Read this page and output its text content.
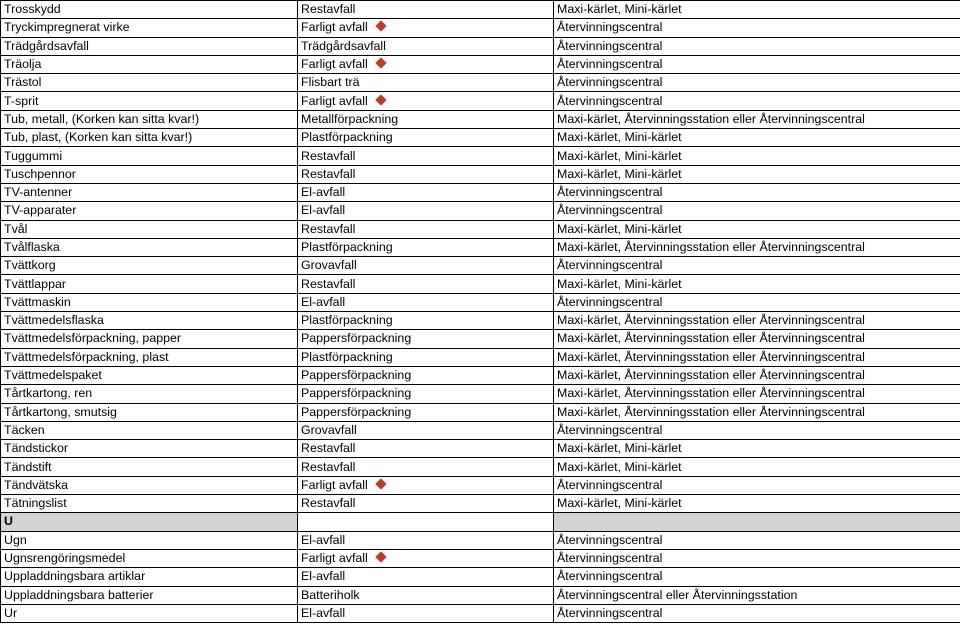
Trosskydd	Restavfall	Maxi-kärlet, Mini-kärlet
Tryckimpregnerat virke	Farligt avfall	Återvinningscentral
Trädgårdsavfall	Trädgårdsavfall	Återvinningscentral
Träolja	Farligt avfall	Återvinningscentral
Trästol	Flisbart trä	Återvinningscentral
T-sprit	Farligt avfall	Återvinningscentral
Tub, metall, (Korken kan sitta kvar!)	Metallförpackning	Maxi-kärlet, Återvinningsstation eller Återvinningscentral
Tub, plast, (Korken kan sitta kvar!)	Plastförpackning	Maxi-kärlet, Mini-kärlet
Tuggummi	Restavfall	Maxi-kärlet, Mini-kärlet
Tuschpennor	Restavfall	Maxi-kärlet, Mini-kärlet
TV-antenner	El-avfall	Återvinningscentral
TV-apparater	El-avfall	Återvinningscentral
Tvål	Restavfall	Maxi-kärlet, Mini-kärlet
Tvålflaska	Plastförpackning	Maxi-kärlet, Återvinningsstation eller Återvinningscentral
Tvättkorg	Grovavfall	Återvinningscentral
Tvättlappar	Restavfall	Maxi-kärlet, Mini-kärlet
Tvättmaskin	El-avfall	Återvinningscentral
Tvättmedelsflaska	Plastförpackning	Maxi-kärlet, Återvinningsstation eller Återvinningscentral
Tvättmedelsförpackning, papper	Pappersförpackning	Maxi-kärlet, Återvinningsstation eller Återvinningscentral
Tvättmedelsförpackning, plast	Plastförpackning	Maxi-kärlet, Återvinningsstation eller Återvinningscentral
Tvättmedelspaket	Pappersförpackning	Maxi-kärlet, Återvinningsstation eller Återvinningscentral
Tårtkartong, ren	Pappersförpackning	Maxi-kärlet, Återvinningsstation eller Återvinningscentral
Tårtkartong, smutsig	Pappersförpackning	Maxi-kärlet, Återvinningsstation eller Återvinningscentral
Täcken	Grovavfall	Återvinningscentral
Tändstickor	Restavfall	Maxi-kärlet, Mini-kärlet
Tändstift	Restavfall	Maxi-kärlet, Mini-kärlet
Tändvätska	Farligt avfall	Återvinningscentral
Tätningslist	Restavfall	Maxi-kärlet, Mini-kärlet
U		
Ugn	El-avfall	Återvinningscentral
Ugnsrengöringsmedel	Farligt avfall	Återvinningscentral
Uppladdningsbara artiklar	El-avfall	Återvinningscentral
Uppladdningsbara batterier	Batteriholk	Återvinningscentral eller Återvinningsstation
Ur	El-avfall	Återvinningscentral
